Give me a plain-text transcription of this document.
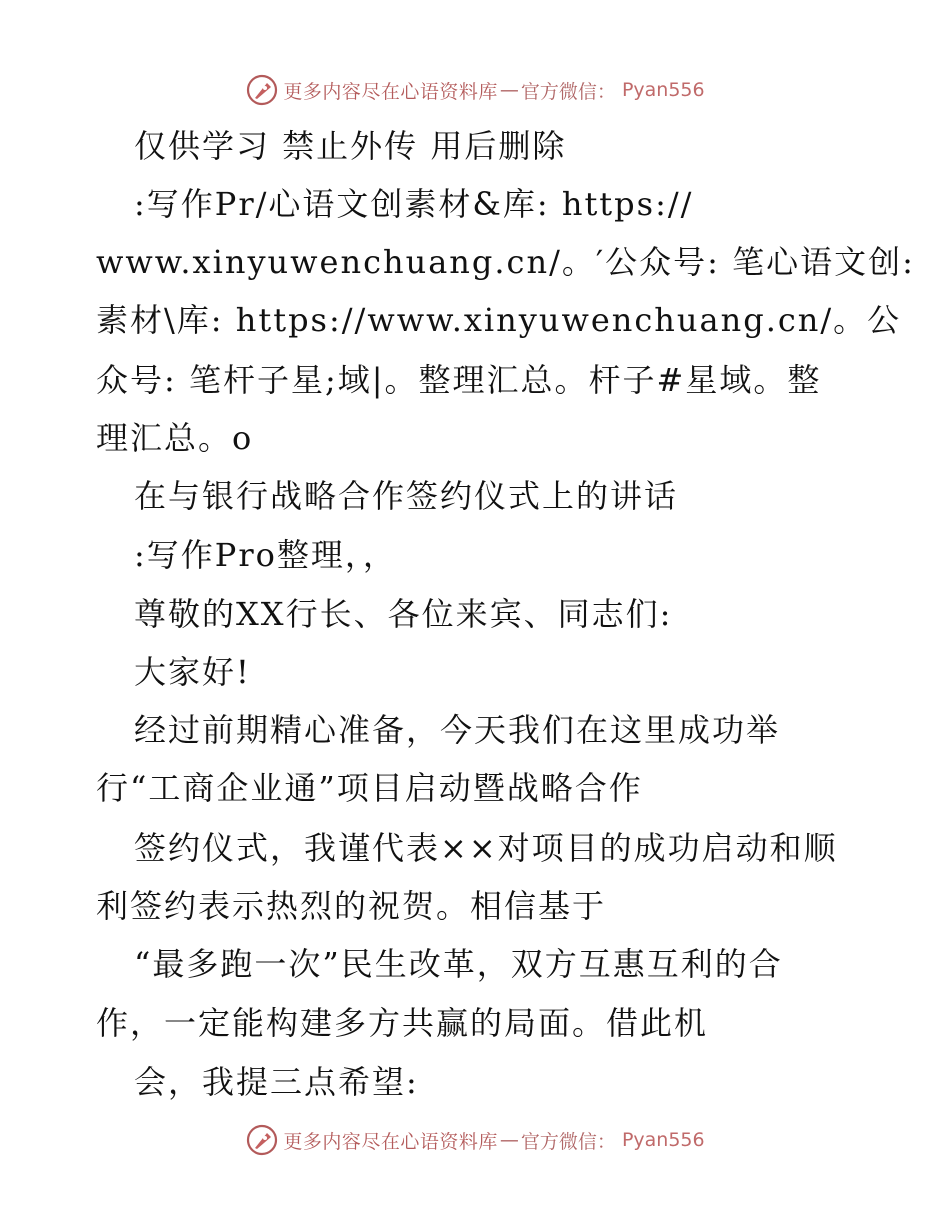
更多内容尽在心语资料库 — 官方微信： Pyan556
仅供学习 禁止外传 用后删除
:写作Pr/心语文创素材&库: https://
www.xinyuwenchuang.cn/。′公众号: 笔心语文创:
素材\库: https://www.xinyuwenchuang.cn/。公
众号: 笔杆子星;域|。整理汇总。杆子#星域。整
理汇总。o
在与银行战略合作签约仪式上的讲话
:写作Pro整理，，
尊敬的XX行长、各位来宾、同志们:
大家好!
经过前期精心准备，今天我们在这里成功举
行“工商企业通”项目启动暨战略合作
签约仪式，我谨代表××对项目的成功启动和顺
利签约表示热烈的祝贺。相信基于
“最多跑一次”民生改革，双方互惠互利的合
作，一定能构建多方共赢的局面。借此机
会，我提三点希望:
更多内容尽在心语资料库 — 官方微信： Pyan556
